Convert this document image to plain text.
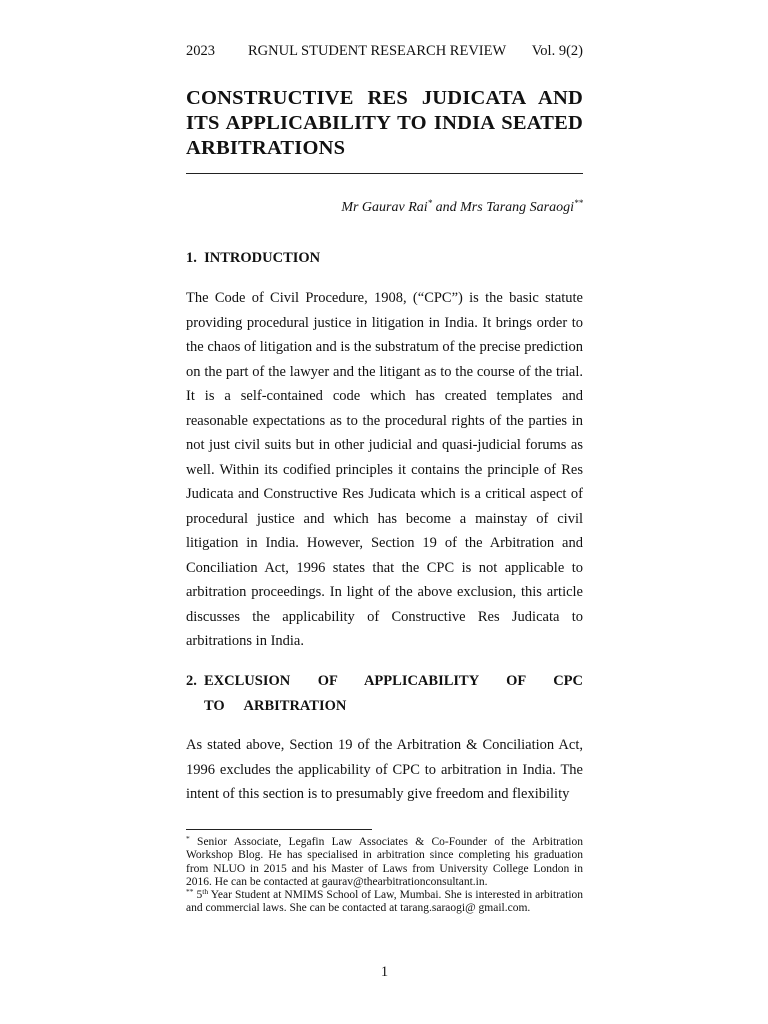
2023	RGNUL STUDENT RESEARCH REVIEW	Vol. 9(2)
CONSTRUCTIVE RES JUDICATA AND ITS APPLICABILITY TO INDIA SEATED ARBITRATIONS
Mr Gaurav Rai* and Mrs Tarang Saraogi**
1. INTRODUCTION

The Code of Civil Procedure, 1908, (“CPC”) is the basic statute providing procedural justice in litigation in India. It brings order to the chaos of litigation and is the substratum of the precise prediction on the part of the lawyer and the litigant as to the course of the trial. It is a self-contained code which has created templates and reasonable expectations as to the procedural rights of the parties in not just civil suits but in other judicial and quasi-judicial forums as well. Within its codified principles it contains the principle of Res Judicata and Constructive Res Judicata which is a critical aspect of procedural justice and which has become a mainstay of civil litigation in India. However, Section 19 of the Arbitration and Conciliation Act, 1996 states that the CPC is not applicable to arbitration proceedings. In light of the above exclusion, this article discusses the applicability of Constructive Res Judicata to arbitrations in India.

2. EXCLUSION OF APPLICABILITY OF CPC TO ARBITRATION

As stated above, Section 19 of the Arbitration & Conciliation Act, 1996 excludes the applicability of CPC to arbitration in India. The intent of this section is to presumably give freedom and flexibility

* Senior Associate, Legafin Law Associates & Co-Founder of the Arbitration Workshop Blog. He has specialised in arbitration since completing his graduation from NLUO in 2015 and his Master of Laws from University College London in 2016. He can be contacted at gaurav@thearbitrationconsultant.in.

** 5th Year Student at NMIMS School of Law, Mumbai. She is interested in arbitration and commercial laws. She can be contacted at tarang.saraogi@ gmail.com.

1
